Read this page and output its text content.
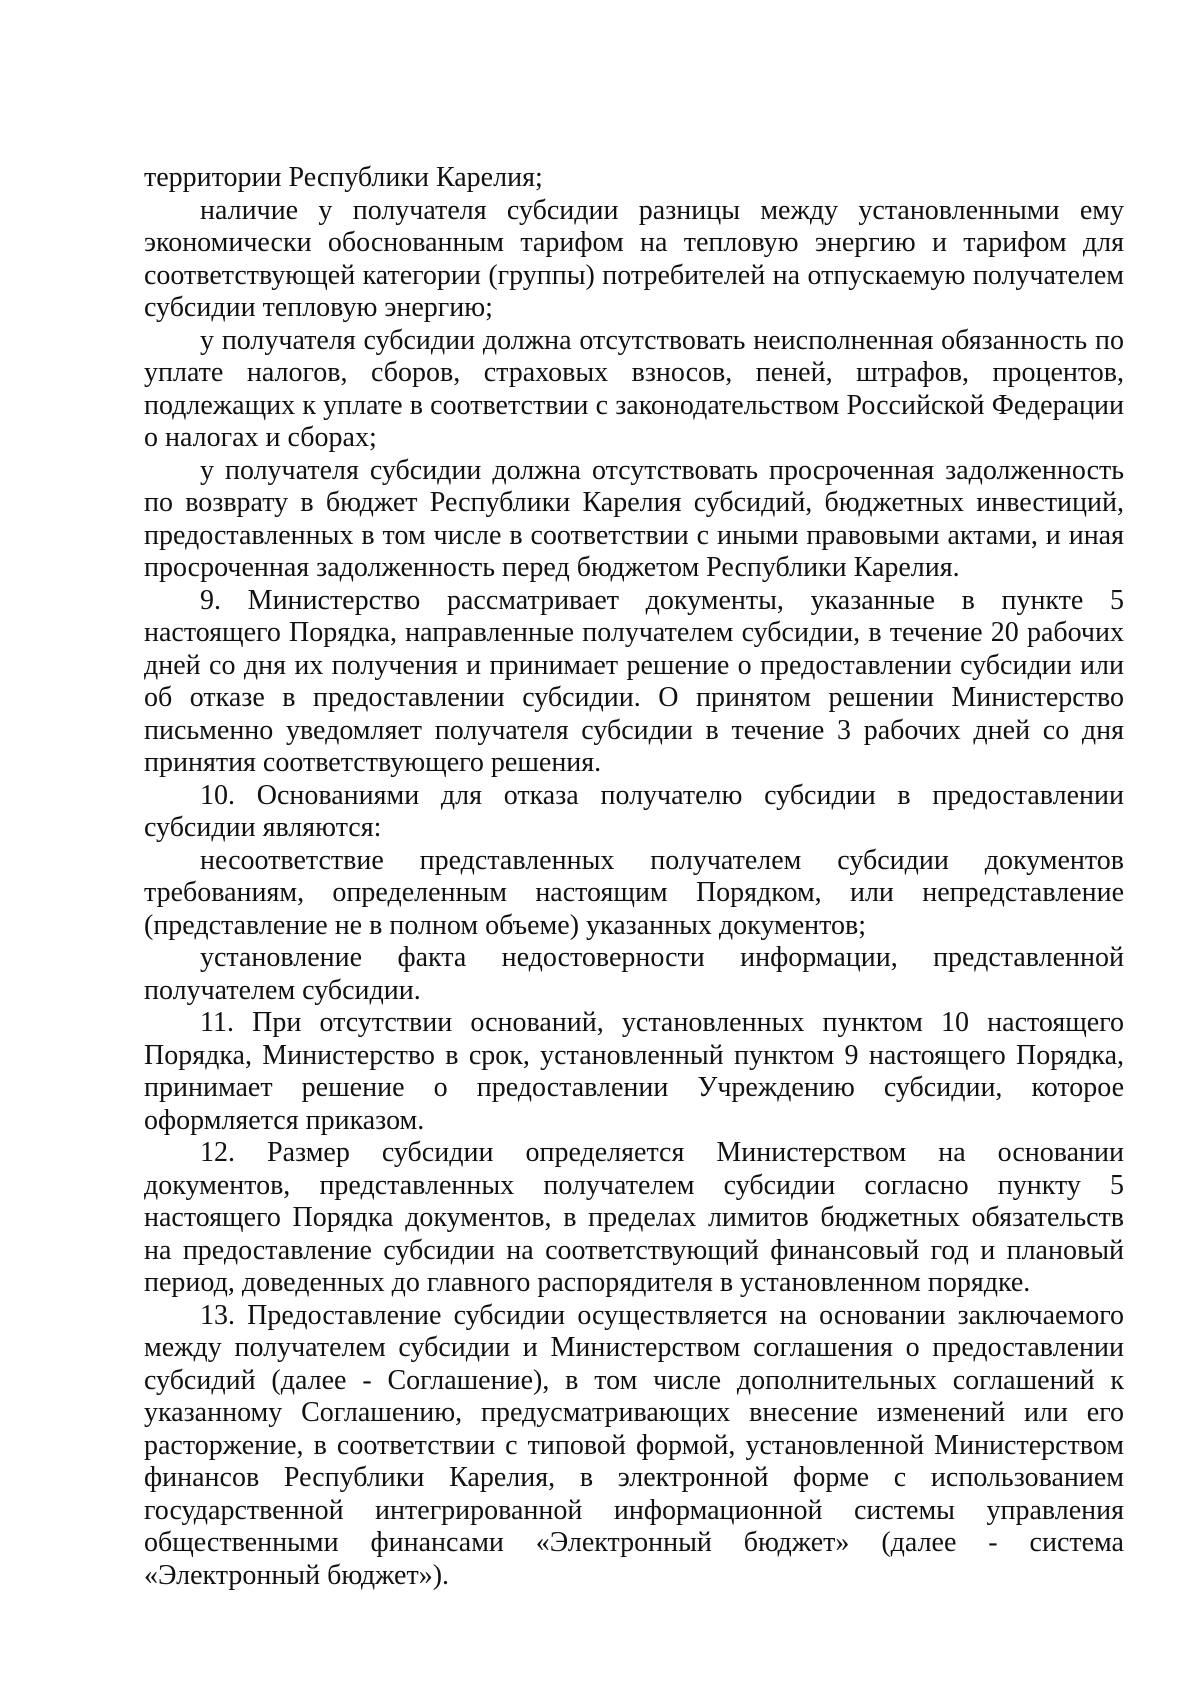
территории Республики Карелия;

наличие у получателя субсидии разницы между установленными ему экономически обоснованным тарифом на тепловую энергию и тарифом для соответствующей категории (группы) потребителей на отпускаемую получателем субсидии тепловую энергию;

у получателя субсидии должна отсутствовать неисполненная обязанность по уплате налогов, сборов, страховых взносов, пеней, штрафов, процентов, подлежащих к уплате в соответствии с законодательством Российской Федерации о налогах и сборах;

у получателя субсидии должна отсутствовать просроченная задолженность по возврату в бюджет Республики Карелия субсидий, бюджетных инвестиций, предоставленных в том числе в соответствии с иными правовыми актами, и иная просроченная задолженность перед бюджетом Республики Карелия.

9. Министерство рассматривает документы, указанные в пункте 5 настоящего Порядка, направленные получателем субсидии, в течение 20 рабочих дней со дня их получения и принимает решение о предоставлении субсидии или об отказе в предоставлении субсидии. О принятом решении Министерство письменно уведомляет получателя субсидии в течение 3 рабочих дней со дня принятия соответствующего решения.

10. Основаниями для отказа получателю субсидии в предоставлении субсидии являются:

несоответствие представленных получателем субсидии документов требованиям, определенным настоящим Порядком, или непредставление (представление не в полном объеме) указанных документов;

установление факта недостоверности информации, представленной получателем субсидии.

11. При отсутствии оснований, установленных пунктом 10 настоящего Порядка, Министерство в срок, установленный пунктом 9 настоящего Порядка, принимает решение о предоставлении Учреждению субсидии, которое оформляется приказом.

12. Размер субсидии определяется Министерством на основании документов, представленных получателем субсидии согласно пункту 5 настоящего Порядка документов, в пределах лимитов бюджетных обязательств на предоставление субсидии на соответствующий финансовый год и плановый период, доведенных до главного распорядителя в установленном порядке.

13. Предоставление субсидии осуществляется на основании заключаемого между получателем субсидии и Министерством соглашения о предоставлении субсидий (далее - Соглашение), в том числе дополнительных соглашений к указанному Соглашению, предусматривающих внесение изменений или его расторжение, в соответствии с типовой формой, установленной Министерством финансов Республики Карелия, в электронной форме с использованием государственной интегрированной информационной системы управления общественными финансами «Электронный бюджет» (далее - система «Электронный бюджет»).
